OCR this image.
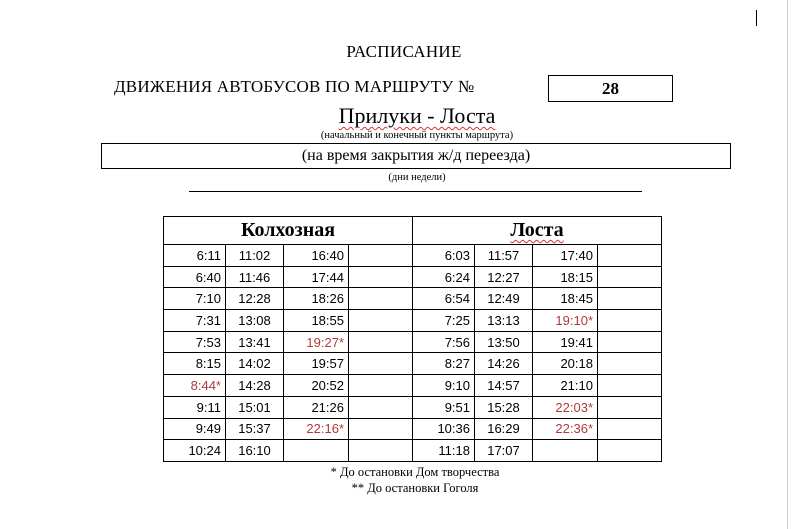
РАСПИСАНИЕ
ДВИЖЕНИЯ АВТОБУСОВ ПО МАРШРУТУ №	28
Прилуки - Лоста
(начальный и конечный пункты маршрута)
(на время закрытия ж/д переезда)
(дни недели)
Колхозная				Лоста			
6:11	11:02	16:40		6:03	11:57	17:40	
6:40	11:46	17:44		6:24	12:27	18:15	
7:10	12:28	18:26		6:54	12:49	18:45	
7:31	13:08	18:55		7:25	13:13	19:10*	
7:53	13:41	19:27*		7:56	13:50	19:41	
8:15	14:02	19:57		8:27	14:26	20:18	
8:44*	14:28	20:52		9:10	14:57	21:10	
9:11	15:01	21:26		9:51	15:28	22:03*	
9:49	15:37	22:16*		10:36	16:29	22:36*	
10:24	16:10			11:18	17:07		
* До остановки Дом творчества
** До остановки Гоголя
